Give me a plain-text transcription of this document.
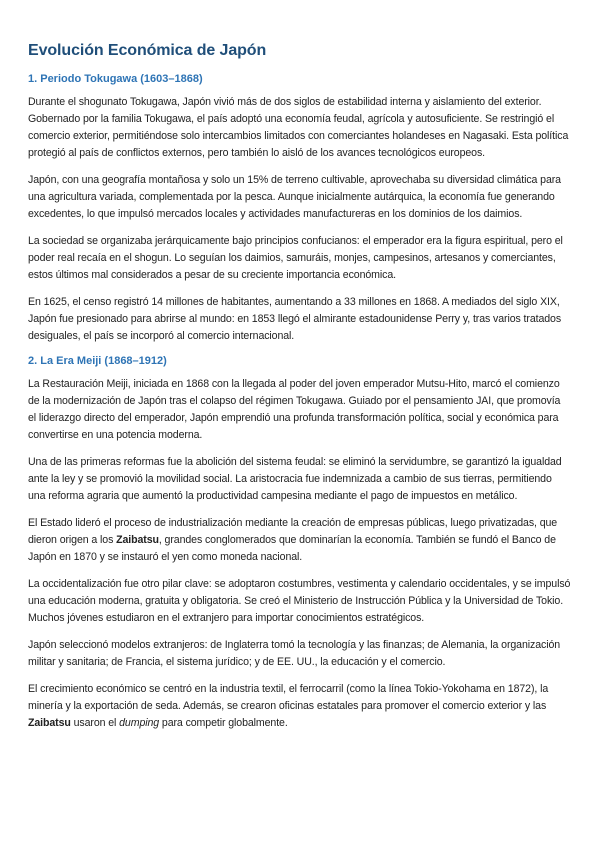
Evolución Económica de Japón
1. Periodo Tokugawa (1603–1868)

Durante el shogunato Tokugawa, Japón vivió más de dos siglos de estabilidad interna y aislamiento del exterior. Gobernado por la familia Tokugawa, el país adoptó una economía feudal, agrícola y autosuficiente. Se restringió el comercio exterior, permitiéndose solo intercambios limitados con comerciantes holandeses en Nagasaki. Esta política protegió al país de conflictos externos, pero también lo aisló de los avances tecnológicos europeos.

Japón, con una geografía montañosa y solo un 15% de terreno cultivable, aprovechaba su diversidad climática para una agricultura variada, complementada por la pesca. Aunque inicialmente autárquica, la economía fue generando excedentes, lo que impulsó mercados locales y actividades manufactureras en los dominios de los daimios.

La sociedad se organizaba jerárquicamente bajo principios confucianos: el emperador era la figura espiritual, pero el poder real recaía en el shogun. Lo seguían los daimios, samuráis, monjes, campesinos, artesanos y comerciantes, estos últimos mal considerados a pesar de su creciente importancia económica.

En 1625, el censo registró 14 millones de habitantes, aumentando a 33 millones en 1868. A mediados del siglo XIX, Japón fue presionado para abrirse al mundo: en 1853 llegó el almirante estadounidense Perry y, tras varios tratados desiguales, el país se incorporó al comercio internacional.

2. La Era Meiji (1868–1912)

La Restauración Meiji, iniciada en 1868 con la llegada al poder del joven emperador Mutsu-Hito, marcó el comienzo de la modernización de Japón tras el colapso del régimen Tokugawa. Guiado por el pensamiento JAI, que promovía el liderazgo directo del emperador, Japón emprendió una profunda transformación política, social y económica para convertirse en una potencia moderna.

Una de las primeras reformas fue la abolición del sistema feudal: se eliminó la servidumbre, se garantizó la igualdad ante la ley y se promovió la movilidad social. La aristocracia fue indemnizada a cambio de sus tierras, permitiendo una reforma agraria que aumentó la productividad campesina mediante el pago de impuestos en metálico.

El Estado lideró el proceso de industrialización mediante la creación de empresas públicas, luego privatizadas, que dieron origen a los Zaibatsu, grandes conglomerados que dominarían la economía. También se fundó el Banco de Japón en 1870 y se instauró el yen como moneda nacional.

La occidentalización fue otro pilar clave: se adoptaron costumbres, vestimenta y calendario occidentales, y se impulsó una educación moderna, gratuita y obligatoria. Se creó el Ministerio de Instrucción Pública y la Universidad de Tokio. Muchos jóvenes estudiaron en el extranjero para importar conocimientos estratégicos.

Japón seleccionó modelos extranjeros: de Inglaterra tomó la tecnología y las finanzas; de Alemania, la organización militar y sanitaria; de Francia, el sistema jurídico; y de EE. UU., la educación y el comercio.

El crecimiento económico se centró en la industria textil, el ferrocarril (como la línea Tokio-Yokohama en 1872), la minería y la exportación de seda. Además, se crearon oficinas estatales para promover el comercio exterior y las Zaibatsu usaron el dumping para competir globalmente.
